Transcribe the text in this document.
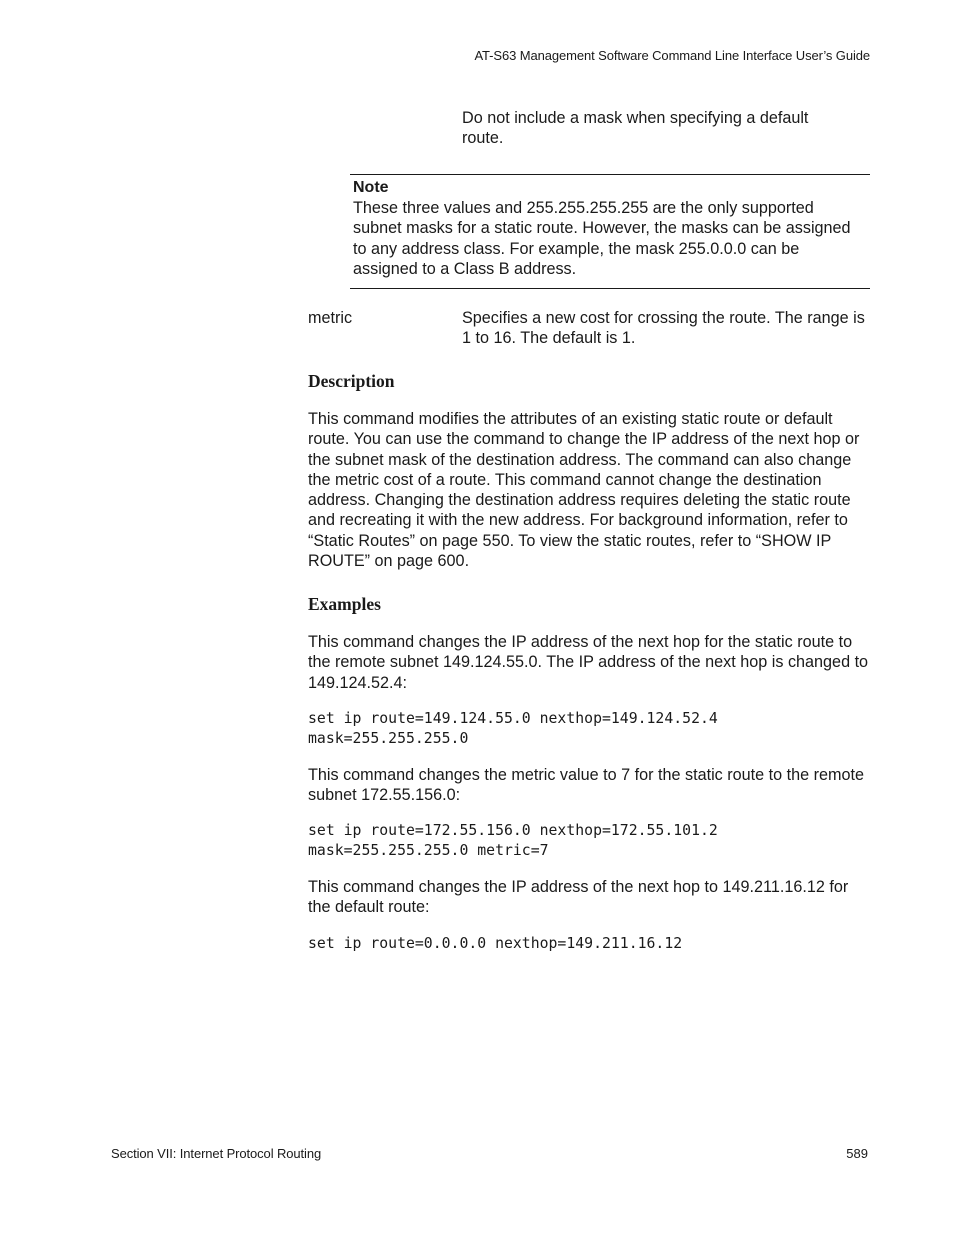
AT-S63 Management Software Command Line Interface User’s Guide
Do not include a mask when specifying a default route.
Note
These three values and 255.255.255.255 are the only supported subnet masks for a static route. However, the masks can be assigned to any address class. For example, the mask 255.0.0.0 can be assigned to a Class B address.
metric	Specifies a new cost for crossing the route. The range is 1 to 16. The default is 1.
Description
This command modifies the attributes of an existing static route or default route. You can use the command to change the IP address of the next hop or the subnet mask of the destination address. The command can also change the metric cost of a route. This command cannot change the destination address. Changing the destination address requires deleting the static route and recreating it with the new address. For background information, refer to “Static Routes” on page 550. To view the static routes, refer to “SHOW IP ROUTE” on page 600.
Examples
This command changes the IP address of the next hop for the static route to the remote subnet 149.124.55.0. The IP address of the next hop is changed to 149.124.52.4:
set ip route=149.124.55.0 nexthop=149.124.52.4
mask=255.255.255.0
This command changes the metric value to 7 for the static route to the remote subnet 172.55.156.0:
set ip route=172.55.156.0 nexthop=172.55.101.2
mask=255.255.255.0 metric=7
This command changes the IP address of the next hop to 149.211.16.12 for the default route:
set ip route=0.0.0.0 nexthop=149.211.16.12
Section VII: Internet Protocol Routing	589
